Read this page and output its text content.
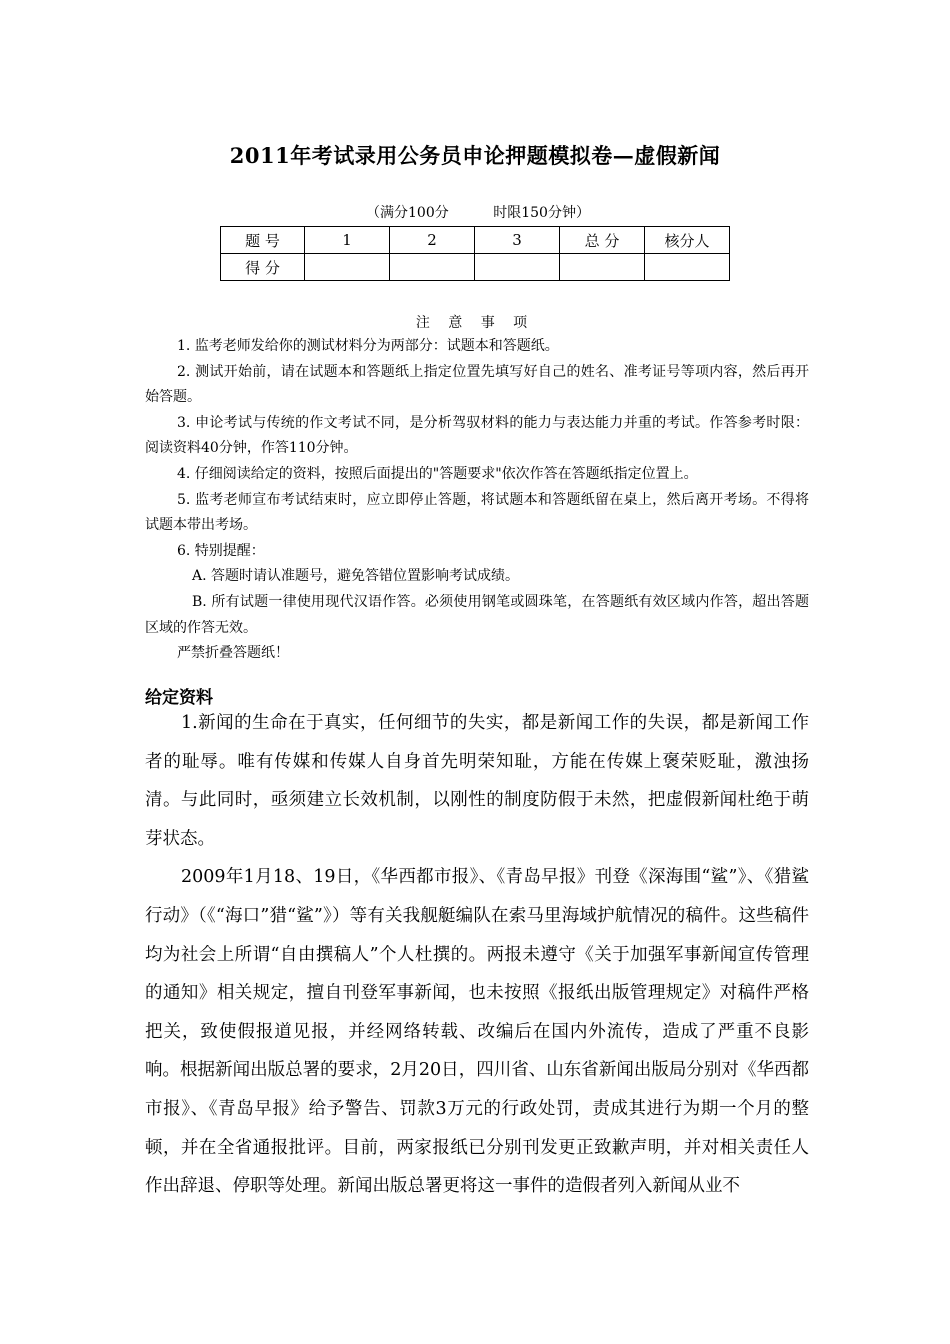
2011年考试录用公务员申论押题模拟卷—虚假新闻
（满分100分          时限150分钟）
题 号	1	2	3	总 分	核分人
得 分					
注 意 事 项

1. 监考老师发给你的测试材料分为两部分：试题本和答题纸。

2. 测试开始前，请在试题本和答题纸上指定位置先填写好自己的姓名、准考证号等项内容，然后再开始答题。

3. 申论考试与传统的作文考试不同，是分析驾驭材料的能力与表达能力并重的考试。作答参考时限：阅读资料40分钟，作答110分钟。

4. 仔细阅读给定的资料，按照后面提出的"答题要求"依次作答在答题纸指定位置上。

5. 监考老师宣布考试结束时，应立即停止答题，将试题本和答题纸留在桌上，然后离开考场。不得将试题本带出考场。

6. 特别提醒：

A. 答题时请认准题号，避免答错位置影响考试成绩。

B. 所有试题一律使用现代汉语作答。必须使用钢笔或圆珠笔，在答题纸有效区域内作答，超出答题区域的作答无效。

严禁折叠答题纸！

给定资料

1.新闻的生命在于真实，任何细节的失实，都是新闻工作的失误，都是新闻工作者的耻辱。唯有传媒和传媒人自身首先明荣知耻，方能在传媒上褒荣贬耻，激浊扬清。与此同时，亟须建立长效机制，以刚性的制度防假于未然，把虚假新闻杜绝于萌芽状态。

2009年1月18、19日，《华西都市报》、《青岛早报》刊登《深海围“鲨”》、《猎鲨行动》（《“海口”猎“鲨”》）等有关我舰艇编队在索马里海域护航情况的稿件。这些稿件均为社会上所谓“自由撰稿人”个人杜撰的。两报未遵守《关于加强军事新闻宣传管理的通知》相关规定，擅自刊登军事新闻，也未按照《报纸出版管理规定》对稿件严格把关，致使假报道见报，并经网络转载、改编后在国内外流传，造成了严重不良影响。根据新闻出版总署的要求，2月20日，四川省、山东省新闻出版局分别对《华西都市报》、《青岛早报》给予警告、罚款3万元的行政处罚，责成其进行为期一个月的整顿，并在全省通报批评。目前，两家报纸已分别刊发更正致歉声明，并对相关责任人作出辞退、停职等处理。新闻出版总署更将这一事件的造假者列入新闻从业不
